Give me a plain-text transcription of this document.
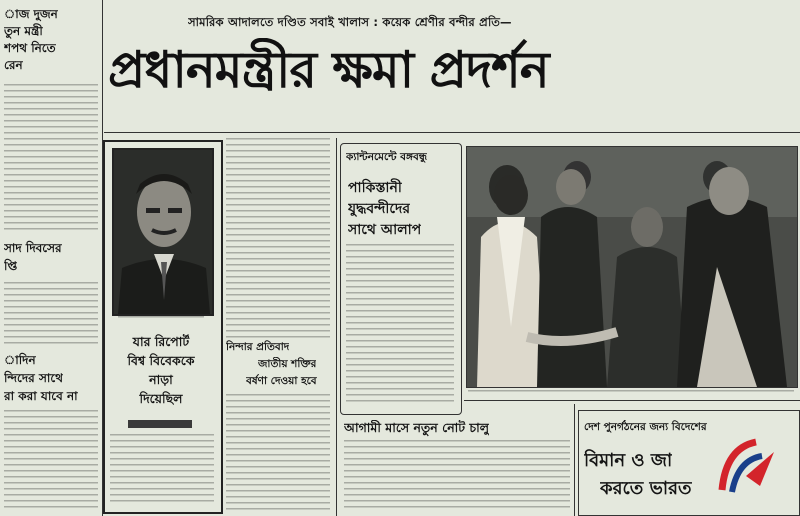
াজ দুজন

তুন মন্ত্রী

শপথ নিতে

রেন

সাদ দিবসের

প্তি

াদিন

ন্দিদের সাথে

রা করা যাবে না

সামরিক আদালতে দণ্ডিত সবাই খালাস : কয়েক শ্রেণীর বন্দীর প্রতি—

প্রধানমন্ত্রীর ক্ষমা প্রদর্শন

যার রিপোর্ট

বিশ্ব বিবেককে

নাড়া

দিয়েছিল

নিন্দার প্রতিবাদ

জাতীয় শক্তির

বর্ষণা দেওয়া হবে

ক্যান্টনমেন্টে বঙ্গবন্ধু

পাকিস্তানী

যুদ্ধবন্দীদের

সাথে আলাপ

আগামী মাসে নতুন নোট চালু	দেশ পুনর্গঠনের জন্য বিদেশের

বিমান ও জা

করতে ভারত
